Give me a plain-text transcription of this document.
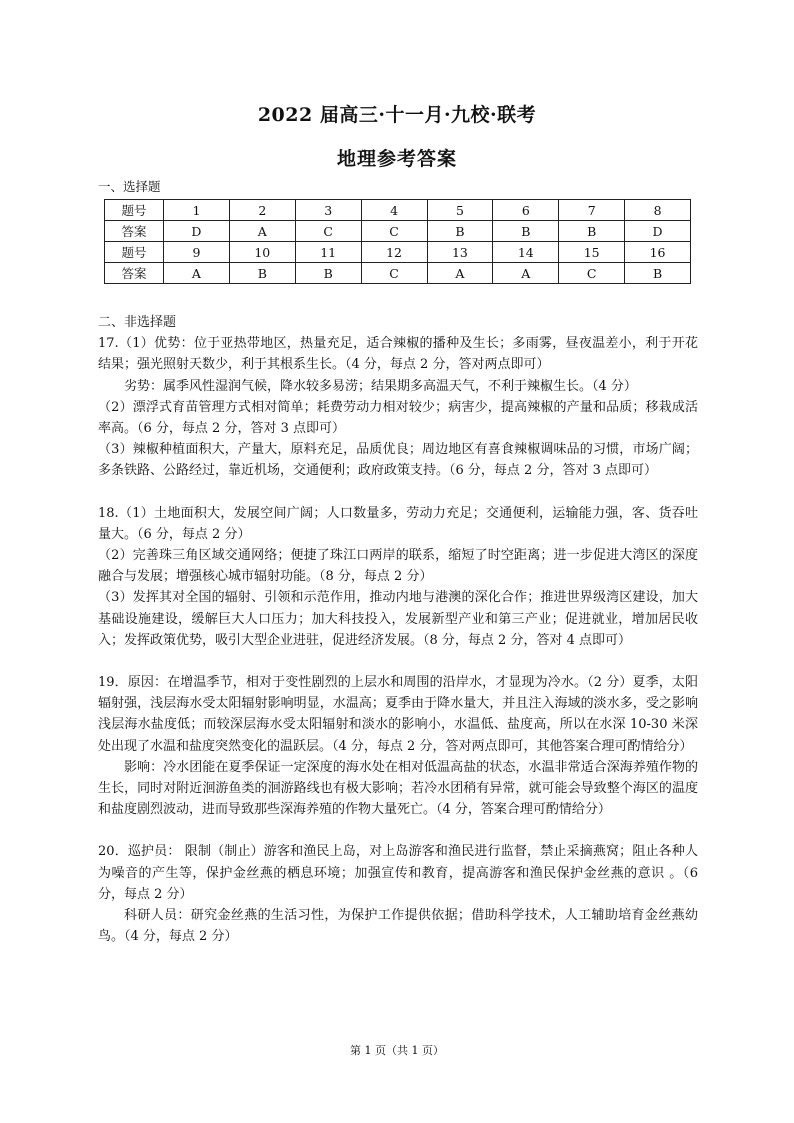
2022 届高三·十一月·九校·联考
地理参考答案
一、选择题
题号	1	2	3	4	5	6	7	8
答案	D	A	C	C	B	B	B	D
题号	9	10	11	12	13	14	15	16
答案	A	B	B	C	A	A	C	B

二、非选择题

17.（1）优势：位于亚热带地区，热量充足，适合辣椒的播种及生长；多雨雾，昼夜温差小，利于开花结果；强光照射天数少，利于其根系生长。（4 分，每点 2 分，答对两点即可）

劣势：属季风性湿润气候，降水较多易涝；结果期多高温天气，不利于辣椒生长。（4 分）

（2）漂浮式育苗管理方式相对简单；耗费劳动力相对较少；病害少，提高辣椒的产量和品质；移栽成活率高。（6 分，每点 2 分，答对 3 点即可）

（3）辣椒种植面积大，产量大，原料充足，品质优良；周边地区有喜食辣椒调味品的习惯，市场广阔；多条铁路、公路经过，靠近机场，交通便利；政府政策支持。（6 分，每点 2 分，答对 3 点即可）

18.（1）土地面积大，发展空间广阔；人口数量多，劳动力充足；交通便利，运输能力强，客、货吞吐量大。（6 分，每点 2 分）

（2）完善珠三角区域交通网络；便捷了珠江口两岸的联系，缩短了时空距离；进一步促进大湾区的深度融合与发展；增强核心城市辐射功能。（8 分，每点 2 分）

（3）发挥其对全国的辐射、引领和示范作用，推动内地与港澳的深化合作；推进世界级湾区建设，加大基础设施建设，缓解巨大人口压力；加大科技投入，发展新型产业和第三产业；促进就业，增加居民收入；发挥政策优势，吸引大型企业进驻，促进经济发展。（8 分，每点 2 分，答对 4 点即可）

19．原因：在增温季节，相对于变性剧烈的上层水和周围的沿岸水，才显现为冷水。（2 分）夏季，太阳辐射强，浅层海水受太阳辐射影响明显，水温高；夏季由于降水量大，并且注入海域的淡水多，受之影响浅层海水盐度低；而较深层海水受太阳辐射和淡水的影响小，水温低、盐度高，所以在水深 10-30 米深处出现了水温和盐度突然变化的温跃层。（4 分，每点 2 分，答对两点即可，其他答案合理可酌情给分）

影响：冷水团能在夏季保证一定深度的海水处在相对低温高盐的状态，水温非常适合深海养殖作物的生长，同时对附近洄游鱼类的洄游路线也有极大影响；若冷水团稍有异常，就可能会导致整个海区的温度和盐度剧烈波动，进而导致那些深海养殖的作物大量死亡。（4 分，答案合理可酌情给分）

20．巡护员： 限制（制止）游客和渔民上岛，对上岛游客和渔民进行监督，禁止采摘燕窝；阻止各种人为噪音的产生等，保护金丝燕的栖息环境；加强宣传和教育，提高游客和渔民保护金丝燕的意识 。（6 分，每点 2 分）

科研人员：研究金丝燕的生活习性，为保护工作提供依据；借助科学技术，人工辅助培育金丝燕幼鸟。（4 分，每点 2 分）

第 1 页（共 1 页）
